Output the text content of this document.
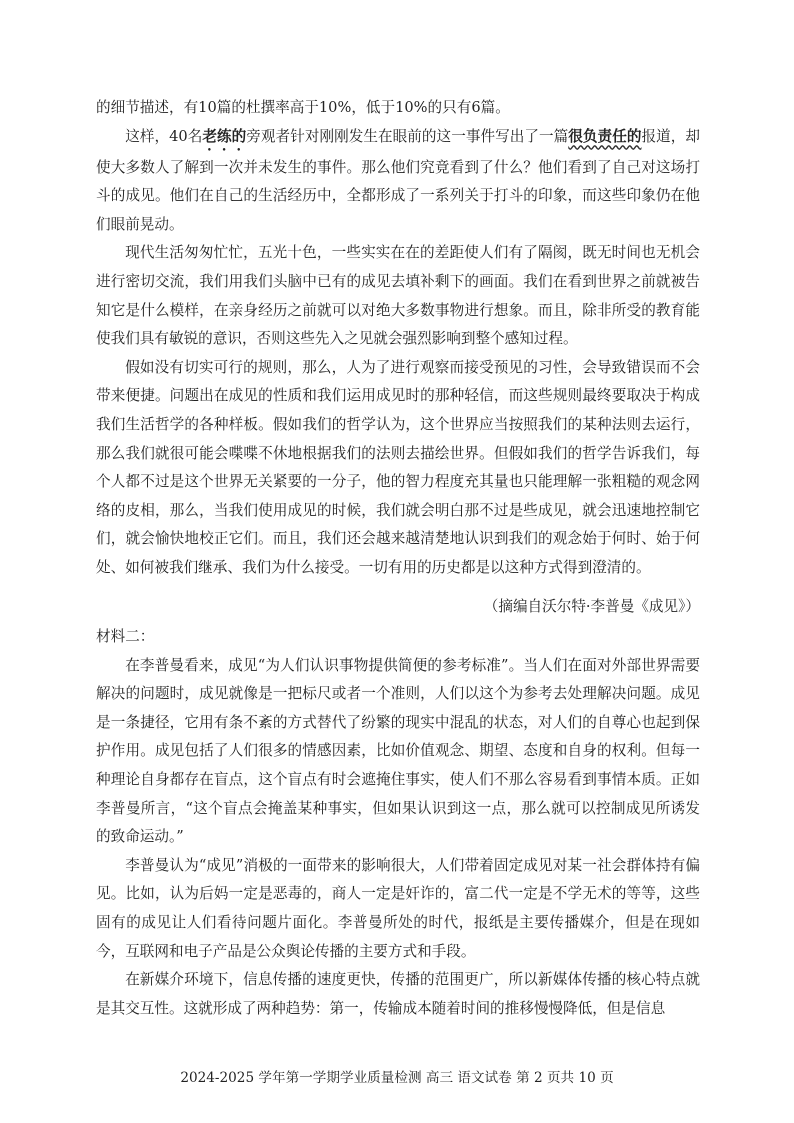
的细节描述，有10篇的杜撰率高于10%，低于10%的只有6篇。

这样，40名老练的旁观者针对刚刚发生在眼前的这一事件写出了一篇很负责任的报道，却使大多数人了解到一次并未发生的事件。那么他们究竟看到了什么？他们看到了自己对这场打斗的成见。他们在自己的生活经历中，全都形成了一系列关于打斗的印象，而这些印象仍在他们眼前晃动。

现代生活匆匆忙忙，五光十色，一些实实在在的差距使人们有了隔阂，既无时间也无机会进行密切交流，我们用我们头脑中已有的成见去填补剩下的画面。我们在看到世界之前就被告知它是什么模样，在亲身经历之前就可以对绝大多数事物进行想象。而且，除非所受的教育能使我们具有敏锐的意识，否则这些先入之见就会强烈影响到整个感知过程。

假如没有切实可行的规则，那么，人为了进行观察而接受预见的习性，会导致错误而不会带来便捷。问题出在成见的性质和我们运用成见时的那种轻信，而这些规则最终要取决于构成我们生活哲学的各种样板。假如我们的哲学认为，这个世界应当按照我们的某种法则去运行，那么我们就很可能会喋喋不休地根据我们的法则去描绘世界。但假如我们的哲学告诉我们，每个人都不过是这个世界无关紧要的一分子，他的智力程度充其量也只能理解一张粗糙的观念网络的皮相，那么，当我们使用成见的时候，我们就会明白那不过是些成见，就会迅速地控制它们，就会愉快地校正它们。而且，我们还会越来越清楚地认识到我们的观念始于何时、始于何处、如何被我们继承、我们为什么接受。一切有用的历史都是以这种方式得到澄清的。

（摘编自沃尔特·李普曼《成见》）

材料二：

在李普曼看来，成见“为人们认识事物提供简便的参考标准”。当人们在面对外部世界需要解决的问题时，成见就像是一把标尺或者一个准则，人们以这个为参考去处理解决问题。成见是一条捷径，它用有条不紊的方式替代了纷繁的现实中混乱的状态，对人们的自尊心也起到保护作用。成见包括了人们很多的情感因素，比如价值观念、期望、态度和自身的权利。但每一种理论自身都存在盲点，这个盲点有时会遮掩住事实，使人们不那么容易看到事情本质。正如李普曼所言，“这个盲点会掩盖某种事实，但如果认识到这一点，那么就可以控制成见所诱发的致命运动。”

李普曼认为“成见”消极的一面带来的影响很大，人们带着固定成见对某一社会群体持有偏见。比如，认为后妈一定是恶毒的，商人一定是奸诈的，富二代一定是不学无术的等等，这些固有的成见让人们看待问题片面化。李普曼所处的时代，报纸是主要传播媒介，但是在现如今，互联网和电子产品是公众舆论传播的主要方式和手段。

在新媒介环境下，信息传播的速度更快，传播的范围更广，所以新媒体传播的核心特点就是其交互性。这就形成了两种趋势：第一，传输成本随着时间的推移慢慢降低，但是信息

2024-2025 学年第一学期学业质量检测 高三 语文试卷 第 2 页共 10 页
